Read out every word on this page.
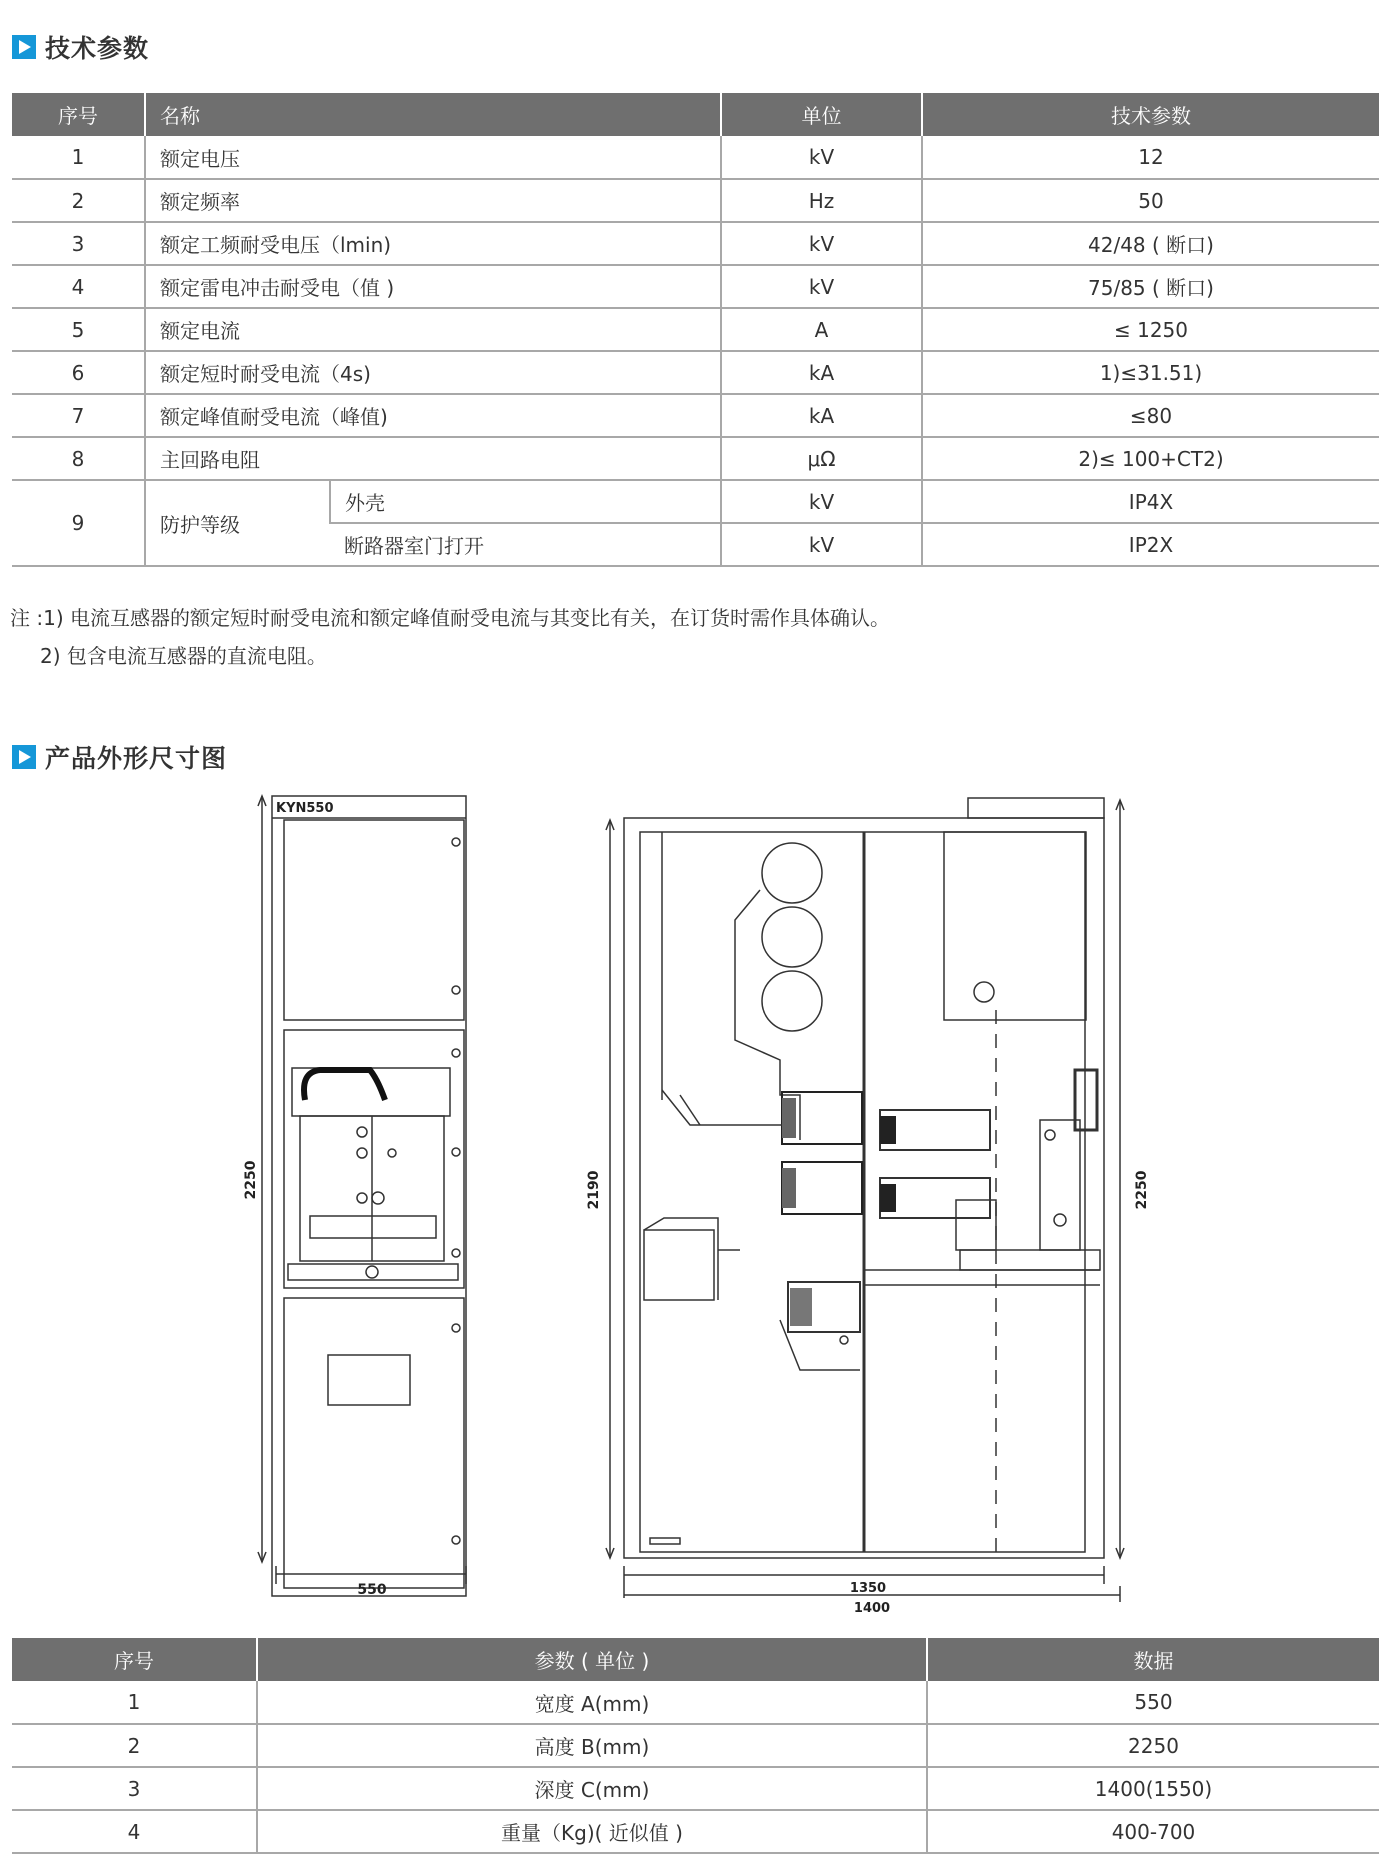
技术参数
序号	名称		单位	技术参数
1	额定电压		kV	12
2	额定频率		Hz	50
3	额定工频耐受电压（lmin)		kV	42/48 ( 断口)
4	额定雷电冲击耐受电（值 )		kV	75/85 ( 断口)
5	额定电流		A	≤ 1250
6	额定短时耐受电流（4s)		kA	1)≤31.51)
7	额定峰值耐受电流（峰值)		kA	≤80
8	主回路电阻		μΩ	2)≤ 100+CT2)
9	防护等级	外壳	kV	IP4X
		断路器室门打开	kV	IP2X
注 :1) 电流互感器的额定短时耐受电流和额定峰值耐受电流与其变比有关，在订货时需作具体确认。
2) 包含电流互感器的直流电阻。
产品外形尺寸图
KYN550
2250
550
2190	2250
1350
1400
序号	参数 ( 单位 )	数据
1	宽度 A(mm)	550
2	高度 B(mm)	2250
3	深度 C(mm)	1400(1550)
4	重量（Kg)( 近似值 )	400-700
